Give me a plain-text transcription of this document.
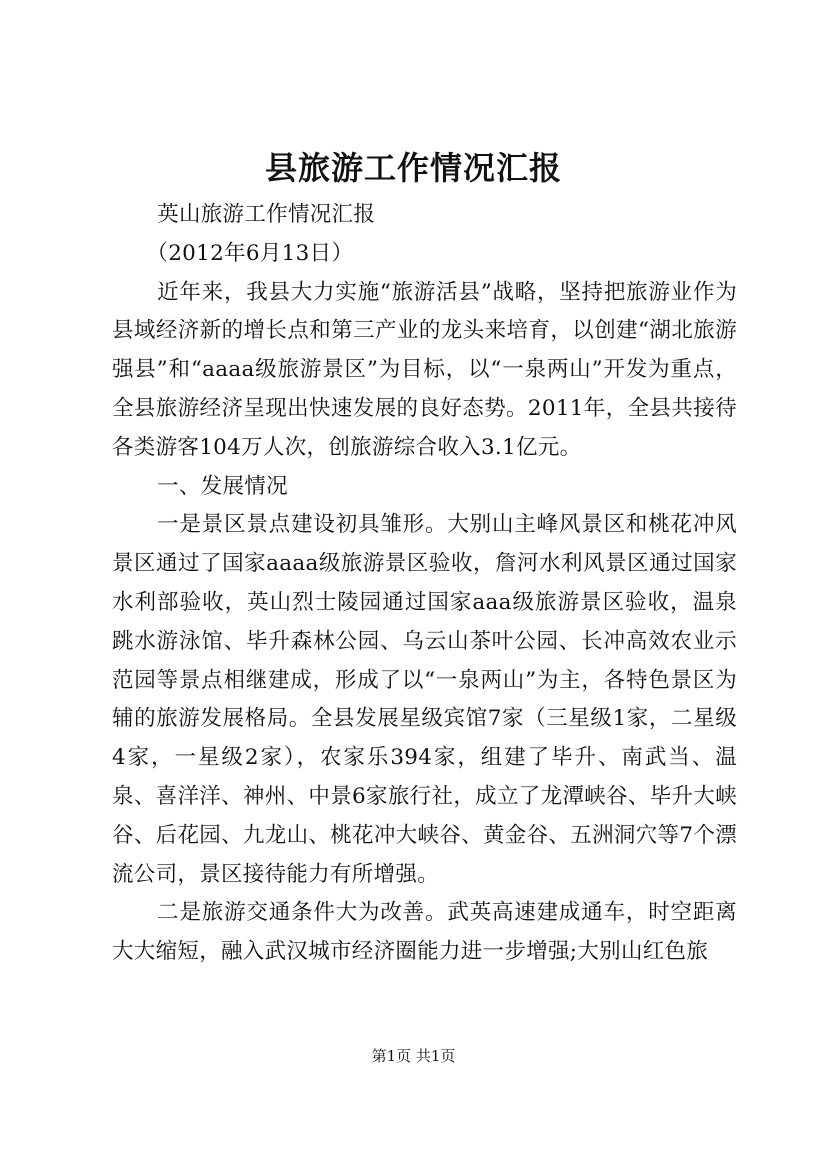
县旅游工作情况汇报

英山旅游工作情况汇报

（2012年6月13日）

近年来，我县大力实施“旅游活县”战略，坚持把旅游业作为县域经济新的增长点和第三产业的龙头来培育，以创建“湖北旅游强县”和“aaaa级旅游景区”为目标，以“一泉两山”开发为重点，全县旅游经济呈现出快速发展的良好态势。2011年，全县共接待各类游客104万人次，创旅游综合收入3.1亿元。

一、发展情况

一是景区景点建设初具雏形。大别山主峰风景区和桃花冲风景区通过了国家aaaa级旅游景区验收，詹河水利风景区通过国家水利部验收，英山烈士陵园通过国家aaa级旅游景区验收，温泉跳水游泳馆、毕升森林公园、乌云山茶叶公园、长冲高效农业示范园等景点相继建成，形成了以“一泉两山”为主，各特色景区为辅的旅游发展格局。全县发展星级宾馆7家（三星级1家，二星级4家，一星级2家），农家乐394家，组建了毕升、南武当、温泉、喜洋洋、神州、中景6家旅行社，成立了龙潭峡谷、毕升大峡谷、后花园、九龙山、桃花冲大峡谷、黄金谷、五洲洞穴等7个漂流公司，景区接待能力有所增强。

二是旅游交通条件大为改善。武英高速建成通车，时空距离大大缩短，融入武汉城市经济圈能力进一步增强;大别山红色旅

第1页 共1页
